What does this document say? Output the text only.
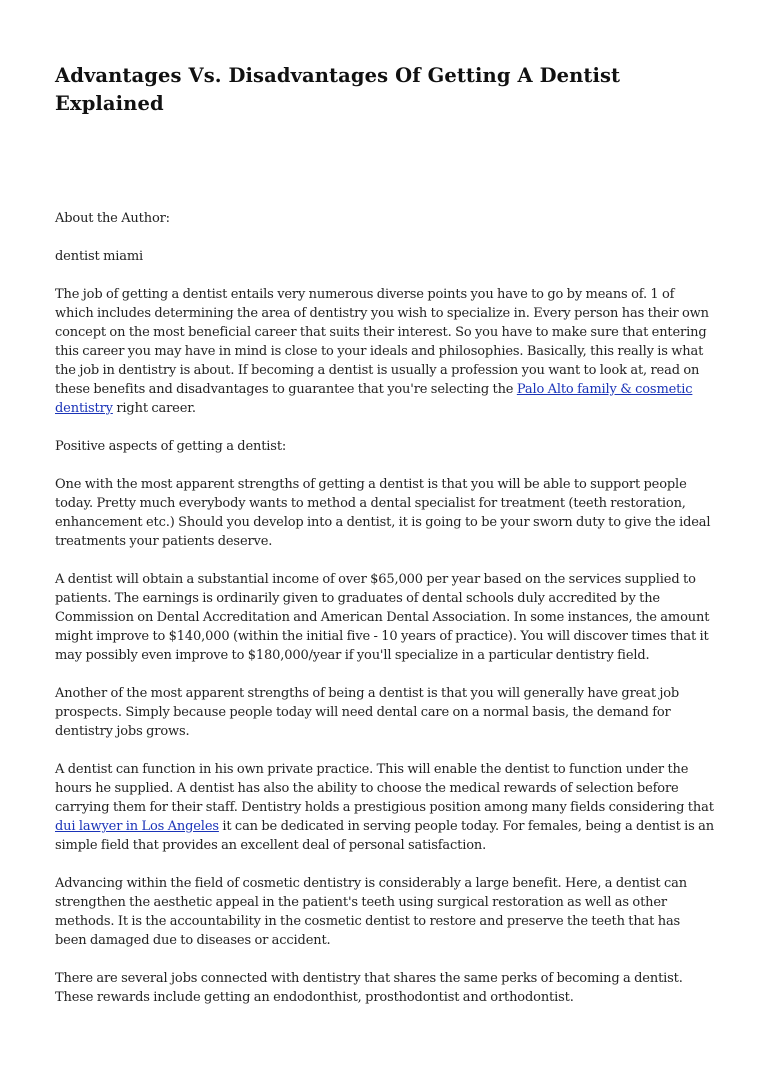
Advantages Vs. Disadvantages Of Getting A Dentist Explained

About the Author:

dentist miami

The job of getting a dentist entails very numerous diverse points you have to go by means of. 1 of which includes determining the area of dentistry you wish to specialize in. Every person has their own concept on the most beneficial career that suits their interest. So you have to make sure that entering this career you may have in mind is close to your ideals and philosophies. Basically, this really is what the job in dentistry is about. If becoming a dentist is usually a profession you want to look at, read on these benefits and disadvantages to guarantee that you're selecting the Palo Alto family & cosmetic dentistry right career.

Positive aspects of getting a dentist:

One with the most apparent strengths of getting a dentist is that you will be able to support people today. Pretty much everybody wants to method a dental specialist for treatment (teeth restoration, enhancement etc.) Should you develop into a dentist, it is going to be your sworn duty to give the ideal treatments your patients deserve.

A dentist will obtain a substantial income of over $65,000 per year based on the services supplied to patients. The earnings is ordinarily given to graduates of dental schools duly accredited by the Commission on Dental Accreditation and American Dental Association. In some instances, the amount might improve to $140,000 (within the initial five - 10 years of practice). You will discover times that it may possibly even improve to $180,000/year if you'll specialize in a particular dentistry field.

Another of the most apparent strengths of being a dentist is that you will generally have great job prospects. Simply because people today will need dental care on a normal basis, the demand for dentistry jobs grows.

A dentist can function in his own private practice. This will enable the dentist to function under the hours he supplied. A dentist has also the ability to choose the medical rewards of selection before carrying them for their staff. Dentistry holds a prestigious position among many fields considering that dui lawyer in Los Angeles it can be dedicated in serving people today. For females, being a dentist is an simple field that provides an excellent deal of personal satisfaction.

Advancing within the field of cosmetic dentistry is considerably a large benefit. Here, a dentist can strengthen the aesthetic appeal in the patient's teeth using surgical restoration as well as other methods. It is the accountability in the cosmetic dentist to restore and preserve the teeth that has been damaged due to diseases or accident.

There are several jobs connected with dentistry that shares the same perks of becoming a dentist. These rewards include getting an endodonthist, prosthodontist and orthodontist.
